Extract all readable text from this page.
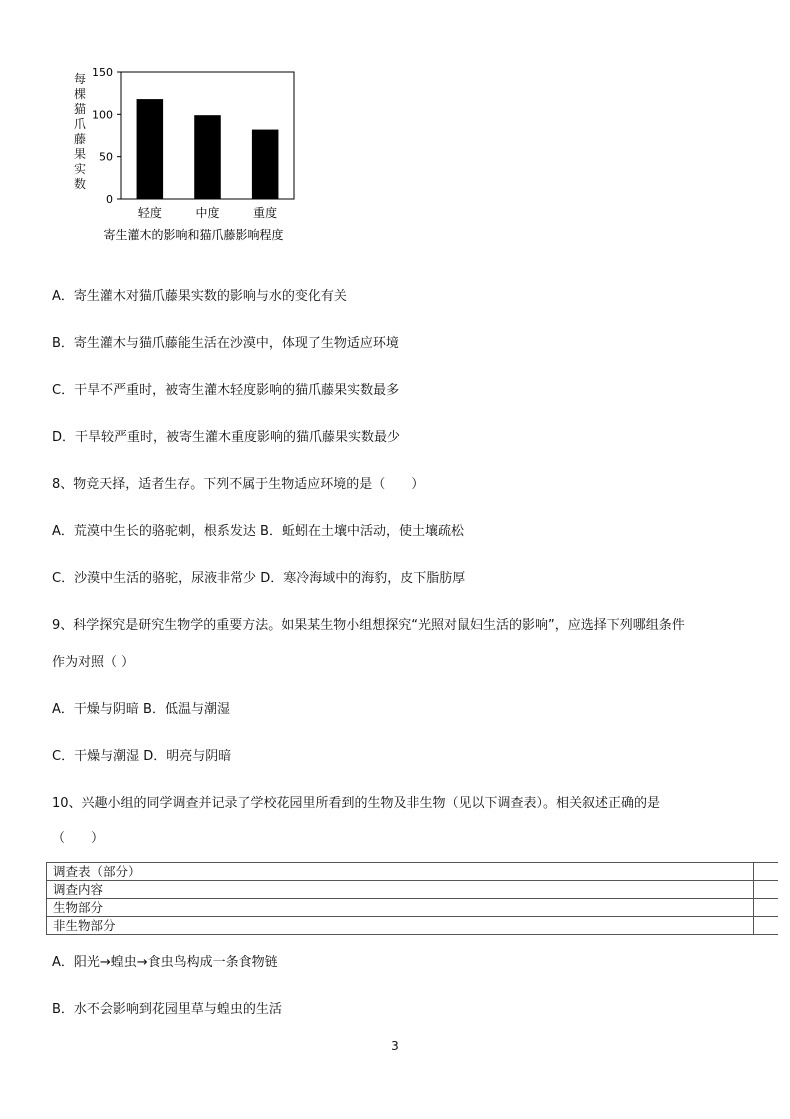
150
100
50
0
轻度	中度	重度
寄生灌木的影响和猫爪藤影响程度
每
棵
猫
爪
藤
果
实
数
A．寄生灌木对猫爪藤果实数的影响与水的变化有关
B．寄生灌木与猫爪藤能生活在沙漠中，体现了生物适应环境
C．干旱不严重时，被寄生灌木轻度影响的猫爪藤果实数最多
D．干旱较严重时，被寄生灌木重度影响的猫爪藤果实数最少
8、物竞天择，适者生存。下列不属于生物适应环境的是（　　）
A．荒漠中生长的骆驼刺，根系发达 B．蚯蚓在土壤中活动，使土壤疏松
C．沙漠中生活的骆驼，尿液非常少 D．寒冷海域中的海豹，皮下脂肪厚
9、科学探究是研究生物学的重要方法。如果某生物小组想探究“光照对鼠妇生活的影响”，应选择下列哪组条件
作为对照（ ）
A．干燥与阴暗 B．低温与潮湿
C．干燥与潮湿 D．明亮与阴暗
10、兴趣小组的同学调查并记录了学校花园里所看到的生物及非生物（见以下调查表）。相关叙述正确的是
（　　）
调查表（部分）	
调查内容	
生物部分	
非生物部分	
A．阳光→蝗虫→食虫鸟构成一条食物链
B．水不会影响到花园里草与蝗虫的生活
3
